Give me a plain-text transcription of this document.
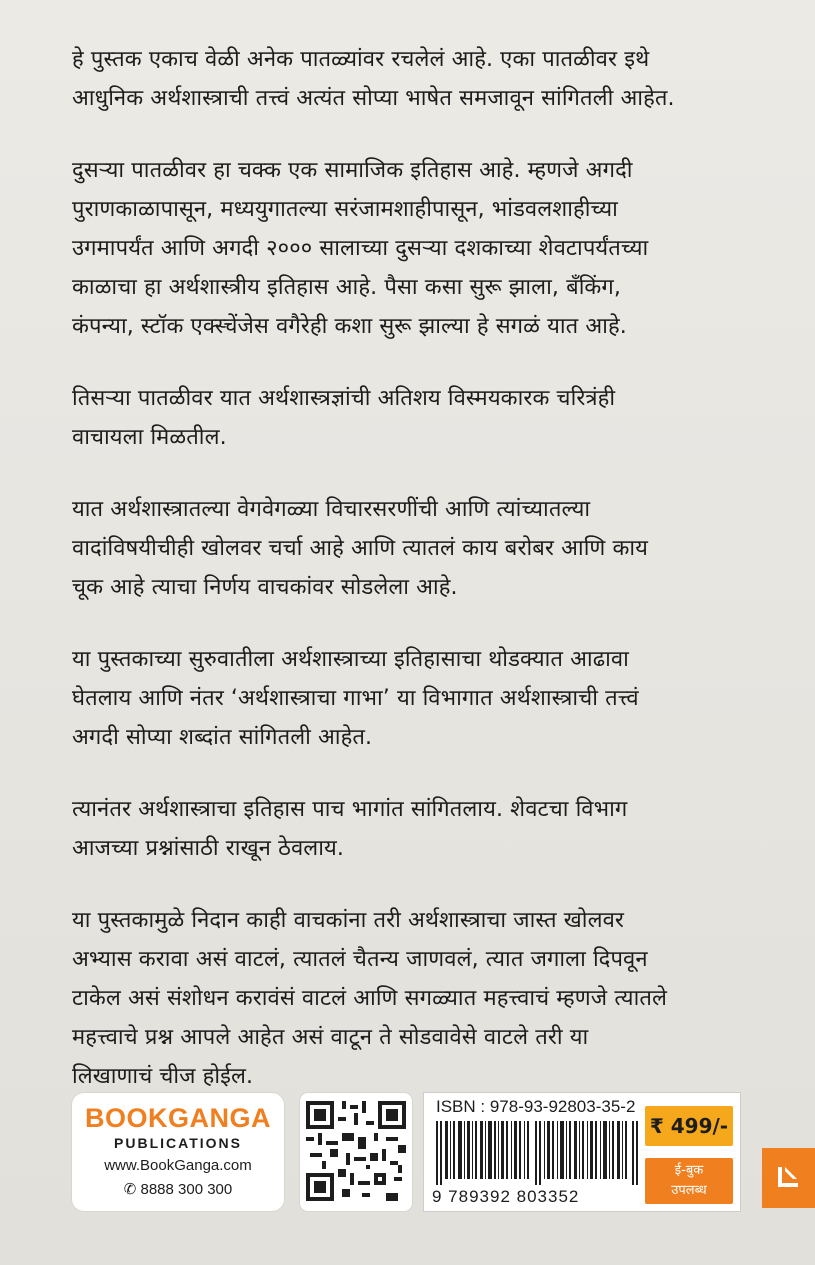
हे पुस्तक एकाच वेळी अनेक पातळ्यांवर रचलेलं आहे. एका पातळीवर इथे
आधुनिक अर्थशास्त्राची तत्त्वं अत्यंत सोप्या भाषेत समजावून सांगितली आहेत.

दुसऱ्या पातळीवर हा चक्क एक सामाजिक इतिहास आहे. म्हणजे अगदी
पुराणकाळापासून, मध्ययुगातल्या सरंजामशाहीपासून, भांडवलशाहीच्या
उगमापर्यंत आणि अगदी २००० सालाच्या दुसऱ्या दशकाच्या शेवटापर्यंतच्या
काळाचा हा अर्थशास्त्रीय इतिहास आहे. पैसा कसा सुरू झाला, बँकिंग,
कंपन्या, स्टॉक एक्स्चेंजेस वगैरेही कशा सुरू झाल्या हे सगळं यात आहे.

तिसऱ्या पातळीवर यात अर्थशास्त्रज्ञांची अतिशय विस्मयकारक चरित्रंही
वाचायला मिळतील.

यात अर्थशास्त्रातल्या वेगवेगळ्या विचारसरणींची आणि त्यांच्यातल्या
वादांविषयीचीही खोलवर चर्चा आहे आणि त्यातलं काय बरोबर आणि काय
चूक आहे त्याचा निर्णय वाचकांवर सोडलेला आहे.

या पुस्तकाच्या सुरुवातीला अर्थशास्त्राच्या इतिहासाचा थोडक्यात आढावा
घेतलाय आणि नंतर ‘अर्थशास्त्राचा गाभा’ या विभागात अर्थशास्त्राची तत्त्वं
अगदी सोप्या शब्दांत सांगितली आहेत.

त्यानंतर अर्थशास्त्राचा इतिहास पाच भागांत सांगितलाय. शेवटचा विभाग
आजच्या प्रश्नांसाठी राखून ठेवलाय.

या पुस्तकामुळे निदान काही वाचकांना तरी अर्थशास्त्राचा जास्त खोलवर
अभ्यास करावा असं वाटलं, त्यातलं चैतन्य जाणवलं, त्यात जगाला दिपवून
टाकेल असं संशोधन करावंसं वाटलं आणि सगळ्यात महत्त्वाचं म्हणजे त्यातले
महत्त्वाचे प्रश्न आपले आहेत असं वाटून ते सोडवावेसे वाटले तरी या
लिखाणाचं चीज होईल.

BOOKGANGA
PUBLICATIONS
www.BookGanga.com
✆ 8888 300 300
ISBN : 978-93-92803-35-2
9 789392 803352
₹ 499/-
ई-बुक
उपलब्ध
